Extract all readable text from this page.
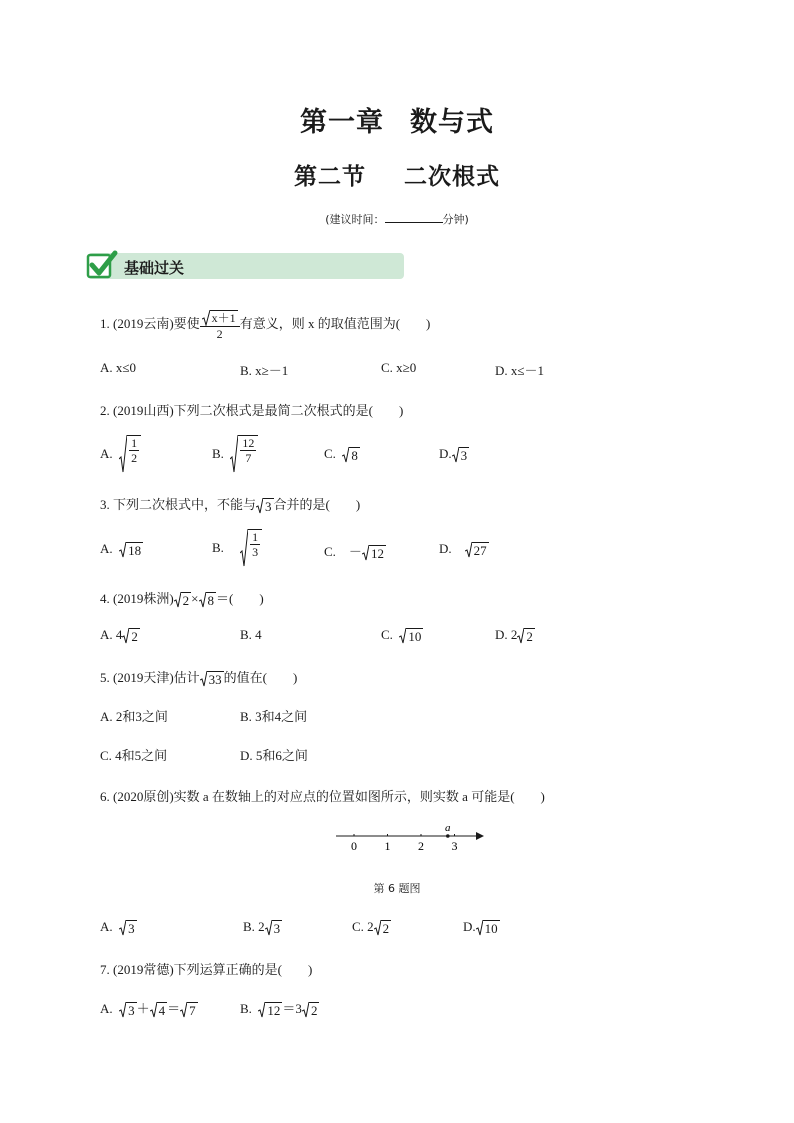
第一章 数与式
第二节 二次根式
(建议时间：	分钟)
基础过关
1. (2019云南)要使 $\frac{x+1}{2}$ 有意义，则 x 的取值范围为(　　)
A. x≤0	B. x≥－1	C. x≥0	D. x≤－1
2. (2019山西)下列二次根式是最简二次根式的是(　　)
A.
$\frac{1}{2}$	B.
$\frac{12}{7}$	C. 8	D. 3
3. 下列二次根式中，不能与 3 合并的是(　　)
A. 18	B.
$\frac{1}{3}$	C. － 12	D. 27
4. (2019株洲) 2 × 8 ＝(　　)
A. 4 2	B. 4	C. 10	D. 2 2
5. (2019天津)估计 33 的值在(　　)
A. 2和3之间	B. 3和4之间
C. 4和5之间	D. 5和6之间
6. (2020原创)实数 a 在数轴上的对应点的位置如图所示，则实数 a 可能是(　　)
0 1 2 3
a
第 6 题图
A. 3	B. 2 3	C. 2 2	D. 10
7. (2019常德)下列运算正确的是(　　)
A. 3 ＋ 4 ＝ 7	B. 12 ＝3 2
